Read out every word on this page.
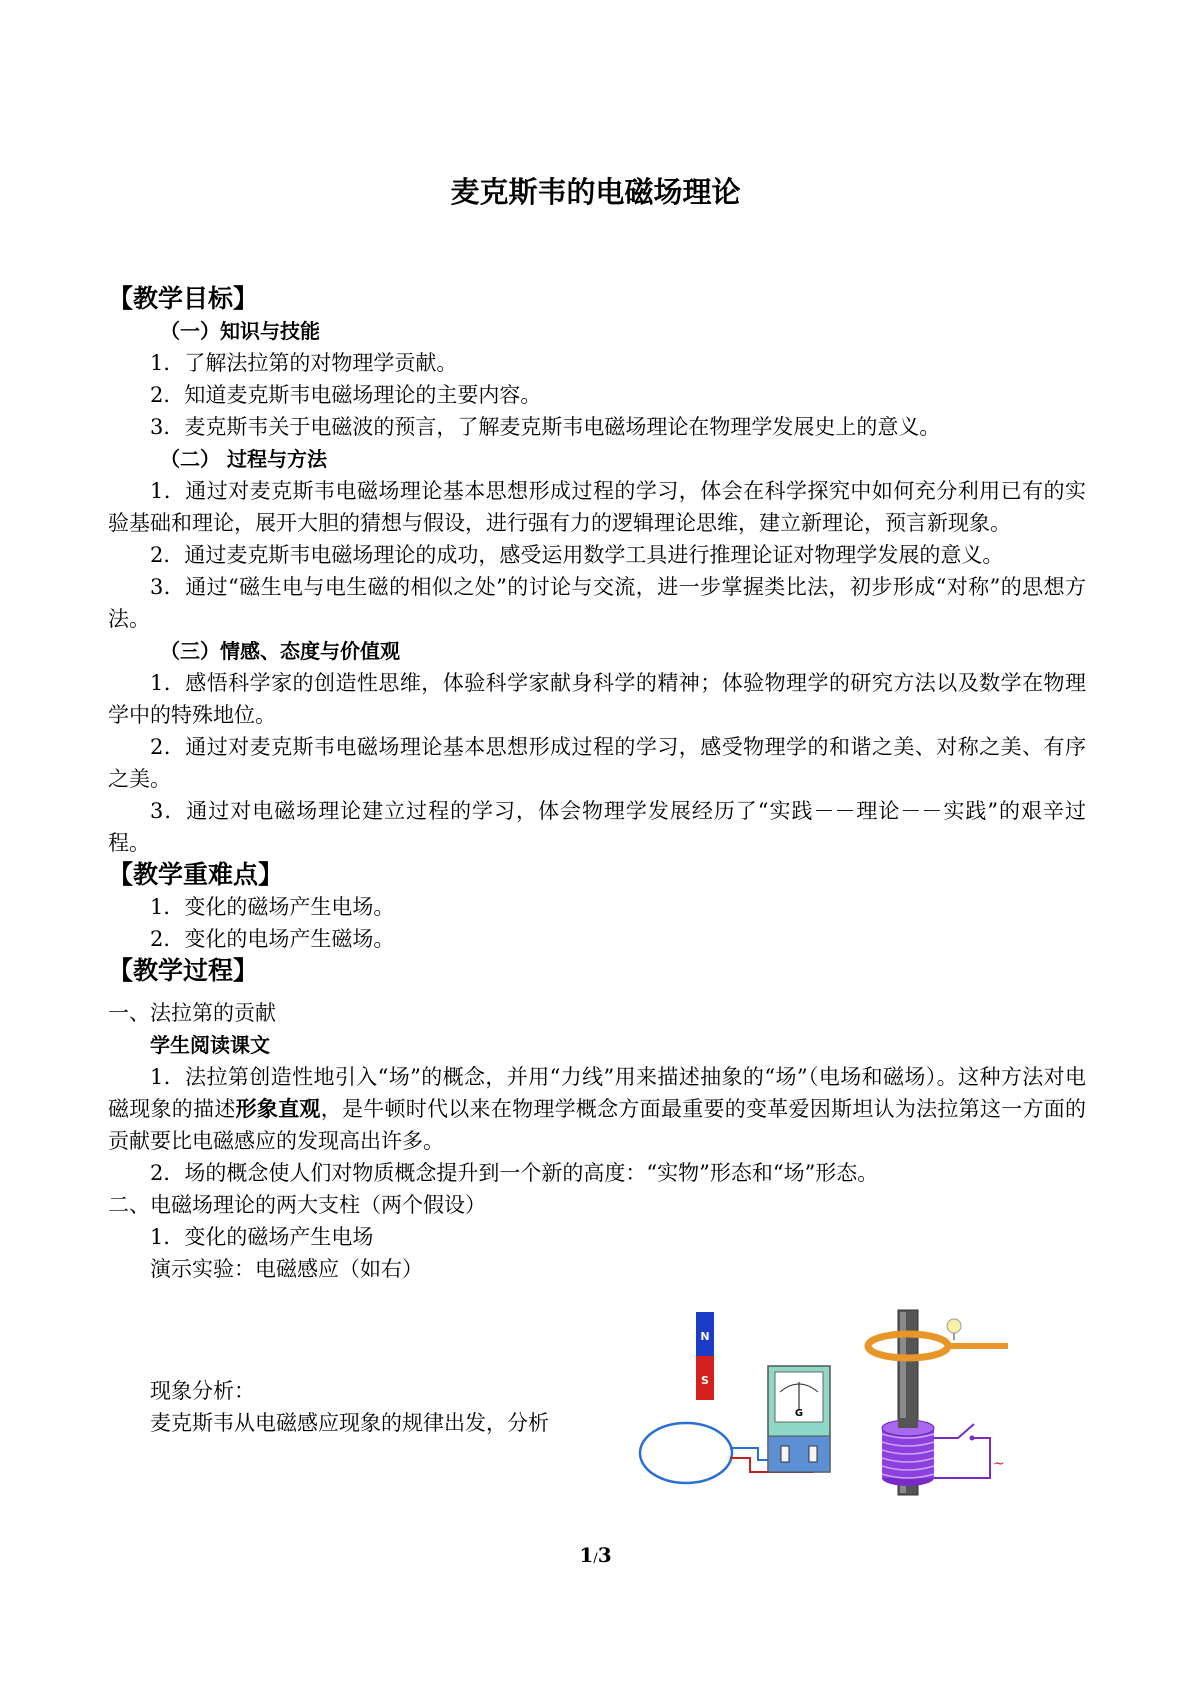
麦克斯韦的电磁场理论

【教学目标】

（一）知识与技能

1．了解法拉第的对物理学贡献。

2．知道麦克斯韦电磁场理论的主要内容。

3．麦克斯韦关于电磁波的预言，了解麦克斯韦电磁场理论在物理学发展史上的意义。

（二） 过程与方法

1．通过对麦克斯韦电磁场理论基本思想形成过程的学习，体会在科学探究中如何充分利用已有的实验基础和理论，展开大胆的猜想与假设，进行强有力的逻辑理论思维，建立新理论，预言新现象。

2．通过麦克斯韦电磁场理论的成功，感受运用数学工具进行推理论证对物理学发展的意义。

3．通过“磁生电与电生磁的相似之处”的讨论与交流，进一步掌握类比法，初步形成“对称”的思想方法。

（三）情感、态度与价值观

1．感悟科学家的创造性思维，体验科学家献身科学的精神；体验物理学的研究方法以及数学在物理学中的特殊地位。

2．通过对麦克斯韦电磁场理论基本思想形成过程的学习，感受物理学的和谐之美、对称之美、有序之美。

3．通过对电磁场理论建立过程的学习，体会物理学发展经历了“实践－－理论－－实践”的艰辛过程。

【教学重难点】

1．变化的磁场产生电场。

2．变化的电场产生磁场。

【教学过程】

一、法拉第的贡献

学生阅读课文

1．法拉第创造性地引入“场”的概念，并用“力线”用来描述抽象的“场”（电场和磁场）。这种方法对电磁现象的描述形象直观，是牛顿时代以来在物理学概念方面最重要的变革爱因斯坦认为法拉第这一方面的贡献要比电磁感应的发现高出许多。

2．场的概念使人们对物质概念提升到一个新的高度：“实物”形态和“场”形态。

二、电磁场理论的两大支柱（两个假设）

1．变化的磁场产生电场

演示实验：电磁感应（如右）

现象分析：

麦克斯韦从电磁感应现象的规律出发，分析

N
S
G
~
1/3
